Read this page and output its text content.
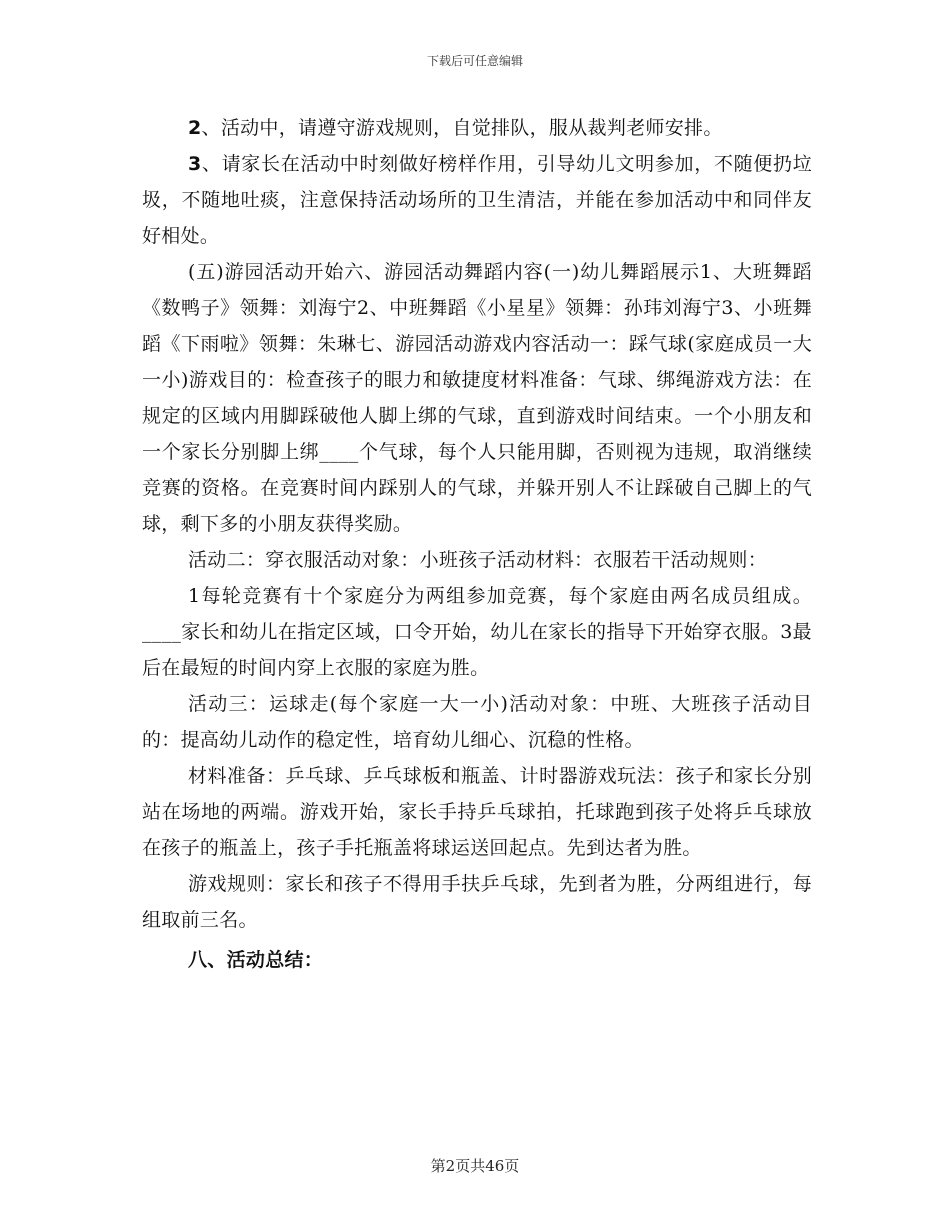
下载后可任意编辑

2、活动中，请遵守游戏规则，自觉排队，服从裁判老师安排。

3、请家长在活动中时刻做好榜样作用，引导幼儿文明参加，不随便扔垃圾，不随地吐痰，注意保持活动场所的卫生清洁，并能在参加活动中和同伴友好相处。

(五)游园活动开始六、游园活动舞蹈内容(一)幼儿舞蹈展示1、大班舞蹈《数鸭子》领舞：刘海宁2、中班舞蹈《小星星》领舞：孙玮刘海宁3、小班舞蹈《下雨啦》领舞：朱琳七、游园活动游戏内容活动一：踩气球(家庭成员一大一小)游戏目的：检查孩子的眼力和敏捷度材料准备：气球、绑绳游戏方法：在规定的区域内用脚踩破他人脚上绑的气球，直到游戏时间结束。一个小朋友和一个家长分别脚上绑____个气球，每个人只能用脚，否则视为违规，取消继续竞赛的资格。在竞赛时间内踩别人的气球，并躲开别人不让踩破自己脚上的气球，剩下多的小朋友获得奖励。

活动二：穿衣服活动对象：小班孩子活动材料：衣服若干活动规则：

1每轮竞赛有十个家庭分为两组参加竞赛，每个家庭由两名成员组成。____家长和幼儿在指定区域，口令开始，幼儿在家长的指导下开始穿衣服。3最后在最短的时间内穿上衣服的家庭为胜。

活动三：运球走(每个家庭一大一小)活动对象：中班、大班孩子活动目的：提高幼儿动作的稳定性，培育幼儿细心、沉稳的性格。

材料准备：乒乓球、乒乓球板和瓶盖、计时器游戏玩法：孩子和家长分别站在场地的两端。游戏开始，家长手持乒乓球拍，托球跑到孩子处将乒乓球放在孩子的瓶盖上，孩子手托瓶盖将球运送回起点。先到达者为胜。

游戏规则：家长和孩子不得用手扶乒乓球，先到者为胜，分两组进行，每组取前三名。

八、活动总结：

第2页共46页
